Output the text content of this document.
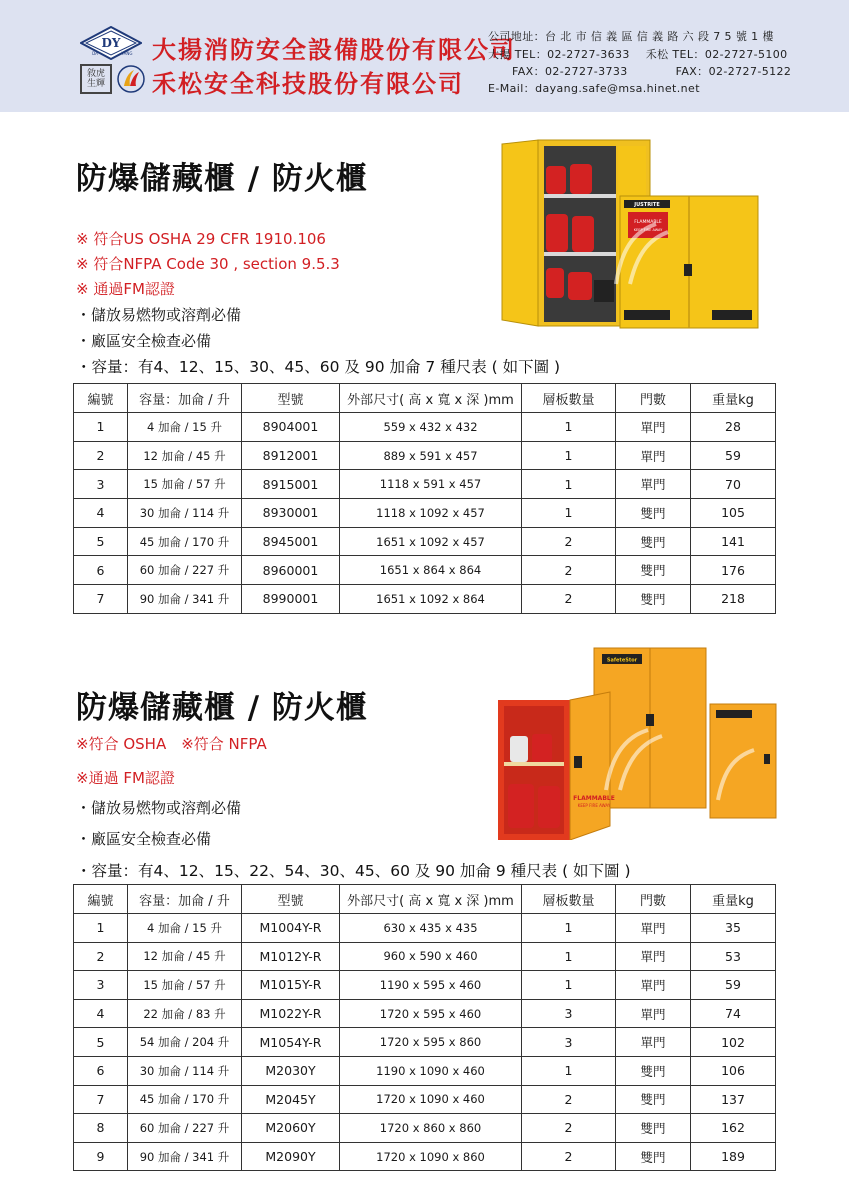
DY
DA	YANG
敘虎生輝
大揚消防安全設備股份有限公司
禾松安全科技股份有限公司
公司地址：台 北 市 信 義 區 信 義 路 六 段 7 5 號 1 樓
大揚 TEL：02-2727-3633 禾松 TEL：02-2727-5100
FAX：02-2727-3733	FAX：02-2727-5122
E-Mail：dayang.safe@msa.hinet.net
防爆儲藏櫃 / 防火櫃
※ 符合US OSHA 29 CFR 1910.106
※ 符合NFPA Code 30 , section 9.5.3
※ 通過FM認證
・儲放易燃物或溶劑必備
・廠區安全檢查必備
・容量：有4、12、15、30、45、60 及 90 加侖 7 種尺表 ( 如下圖 )
JUSTRITE
FLAMMABLE
KEEP FIRE AWAY
編號	容量：加侖 / 升	型號	外部尺寸( 高 x 寬 x 深 )mm	層板數量	門數	重量kg
1	4 加侖 / 15 升	8904001	559 x 432 x 432	1	單門	28
2	12 加侖 / 45 升	8912001	889 x 591 x 457	1	單門	59
3	15 加侖 / 57 升	8915001	1118 x 591 x 457	1	單門	70
4	30 加侖 / 114 升	8930001	1118 x 1092 x 457	1	雙門	105
5	45 加侖 / 170 升	8945001	1651 x 1092 x 457	2	雙門	141
6	60 加侖 / 227 升	8960001	1651 x 864 x 864	2	雙門	176
7	90 加侖 / 341 升	8990001	1651 x 1092 x 864	2	雙門	218
防爆儲藏櫃 / 防火櫃
※符合 OSHA　※符合 NFPA
※通過 FM認證
・儲放易燃物或溶劑必備
・廠區安全檢查必備
・容量：有4、12、15、22、54、30、45、60 及 90 加侖 9 種尺表 ( 如下圖 )
SafeteStor
FLAMMABLE
KEEP FIRE AWAY
編號	容量：加侖 / 升	型號	外部尺寸( 高 x 寬 x 深 )mm	層板數量	門數	重量kg
1	4 加侖 / 15 升	M1004Y-R	630 x 435 x 435	1	單門	35
2	12 加侖 / 45 升	M1012Y-R	960 x 590 x 460	1	單門	53
3	15 加侖 / 57 升	M1015Y-R	1190 x 595 x 460	1	單門	59
4	22 加侖 / 83 升	M1022Y-R	1720 x 595 x 460	3	單門	74
5	54 加侖 / 204 升	M1054Y-R	1720 x 595 x 860	3	單門	102
6	30 加侖 / 114 升	M2030Y	1190 x 1090 x 460	1	雙門	106
7	45 加侖 / 170 升	M2045Y	1720 x 1090 x 460	2	雙門	137
8	60 加侖 / 227 升	M2060Y	1720 x 860 x 860	2	雙門	162
9	90 加侖 / 341 升	M2090Y	1720 x 1090 x 860	2	雙門	189
